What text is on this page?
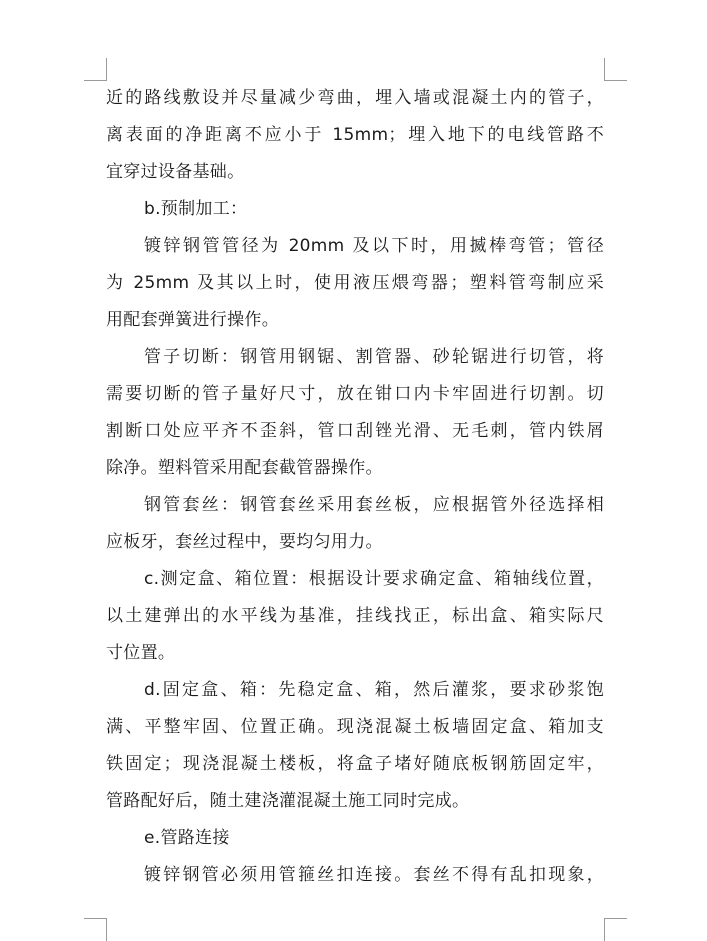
近的路线敷设并尽量减少弯曲，埋入墙或混凝土内的管子，
离表面的净距离不应小于 15mm；埋入地下的电线管路不
宜穿过设备基础。
b.预制加工：
镀锌钢管管径为 20mm 及以下时，用揻棒弯管；管径
为 25mm 及其以上时，使用液压煨弯器；塑料管弯制应采
用配套弹簧进行操作。
管子切断：钢管用钢锯、割管器、砂轮锯进行切管，将
需要切断的管子量好尺寸，放在钳口内卡牢固进行切割。切
割断口处应平齐不歪斜，管口刮锉光滑、无毛刺，管内铁屑
除净。塑料管采用配套截管器操作。
钢管套丝：钢管套丝采用套丝板，应根据管外径选择相
应板牙，套丝过程中，要均匀用力。
c.测定盒、箱位置：根据设计要求确定盒、箱轴线位置，
以土建弹出的水平线为基准，挂线找正，标出盒、箱实际尺
寸位置。
d.固定盒、箱：先稳定盒、箱，然后灌浆，要求砂浆饱
满、平整牢固、位置正确。现浇混凝土板墙固定盒、箱加支
铁固定；现浇混凝土楼板，将盒子堵好随底板钢筋固定牢，
管路配好后，随土建浇灌混凝土施工同时完成。
e.管路连接
镀锌钢管必须用管箍丝扣连接。套丝不得有乱扣现象，
